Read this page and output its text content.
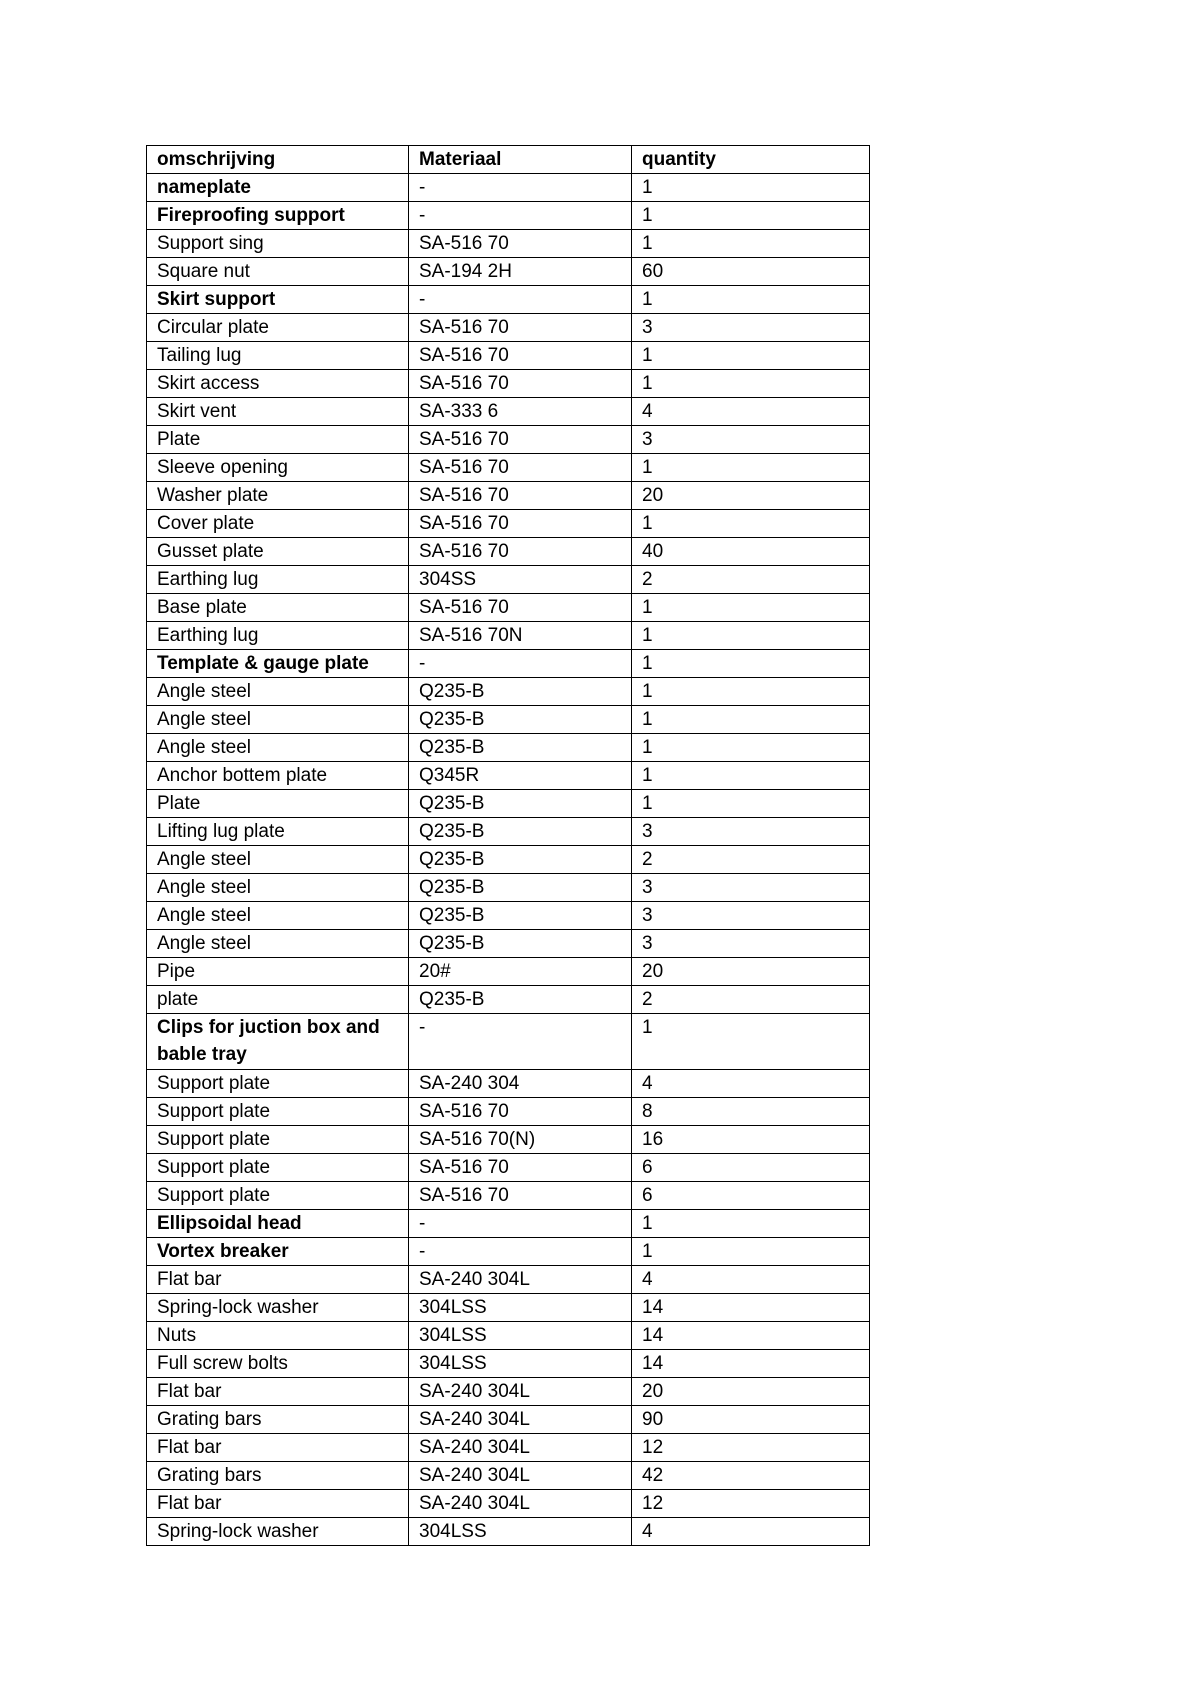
omschrijving	Materiaal	quantity
nameplate	-	1
Fireproofing support	-	1
Support sing	SA-516 70	1
Square nut	SA-194 2H	60
Skirt support	-	1
Circular plate	SA-516 70	3
Tailing lug	SA-516 70	1
Skirt access	SA-516 70	1
Skirt vent	SA-333 6	4
Plate	SA-516 70	3
Sleeve opening	SA-516 70	1
Washer plate	SA-516 70	20
Cover plate	SA-516 70	1
Gusset plate	SA-516 70	40
Earthing lug	304SS	2
Base plate	SA-516 70	1
Earthing lug	SA-516 70N	1
Template & gauge plate	-	1
Angle steel	Q235-B	1
Angle steel	Q235-B	1
Angle steel	Q235-B	1
Anchor bottem plate	Q345R	1
Plate	Q235-B	1
Lifting lug plate	Q235-B	3
Angle steel	Q235-B	2
Angle steel	Q235-B	3
Angle steel	Q235-B	3
Angle steel	Q235-B	3
Pipe	20#	20
plate	Q235-B	2
Clips for juction box and bable tray	-	1
Support plate	SA-240 304	4
Support plate	SA-516 70	8
Support plate	SA-516 70(N)	16
Support plate	SA-516 70	6
Support plate	SA-516 70	6
Ellipsoidal head	-	1
Vortex breaker	-	1
Flat bar	SA-240 304L	4
Spring-lock washer	304LSS	14
Nuts	304LSS	14
Full screw bolts	304LSS	14
Flat bar	SA-240 304L	20
Grating bars	SA-240 304L	90
Flat bar	SA-240 304L	12
Grating bars	SA-240 304L	42
Flat bar	SA-240 304L	12
Spring-lock washer	304LSS	4
